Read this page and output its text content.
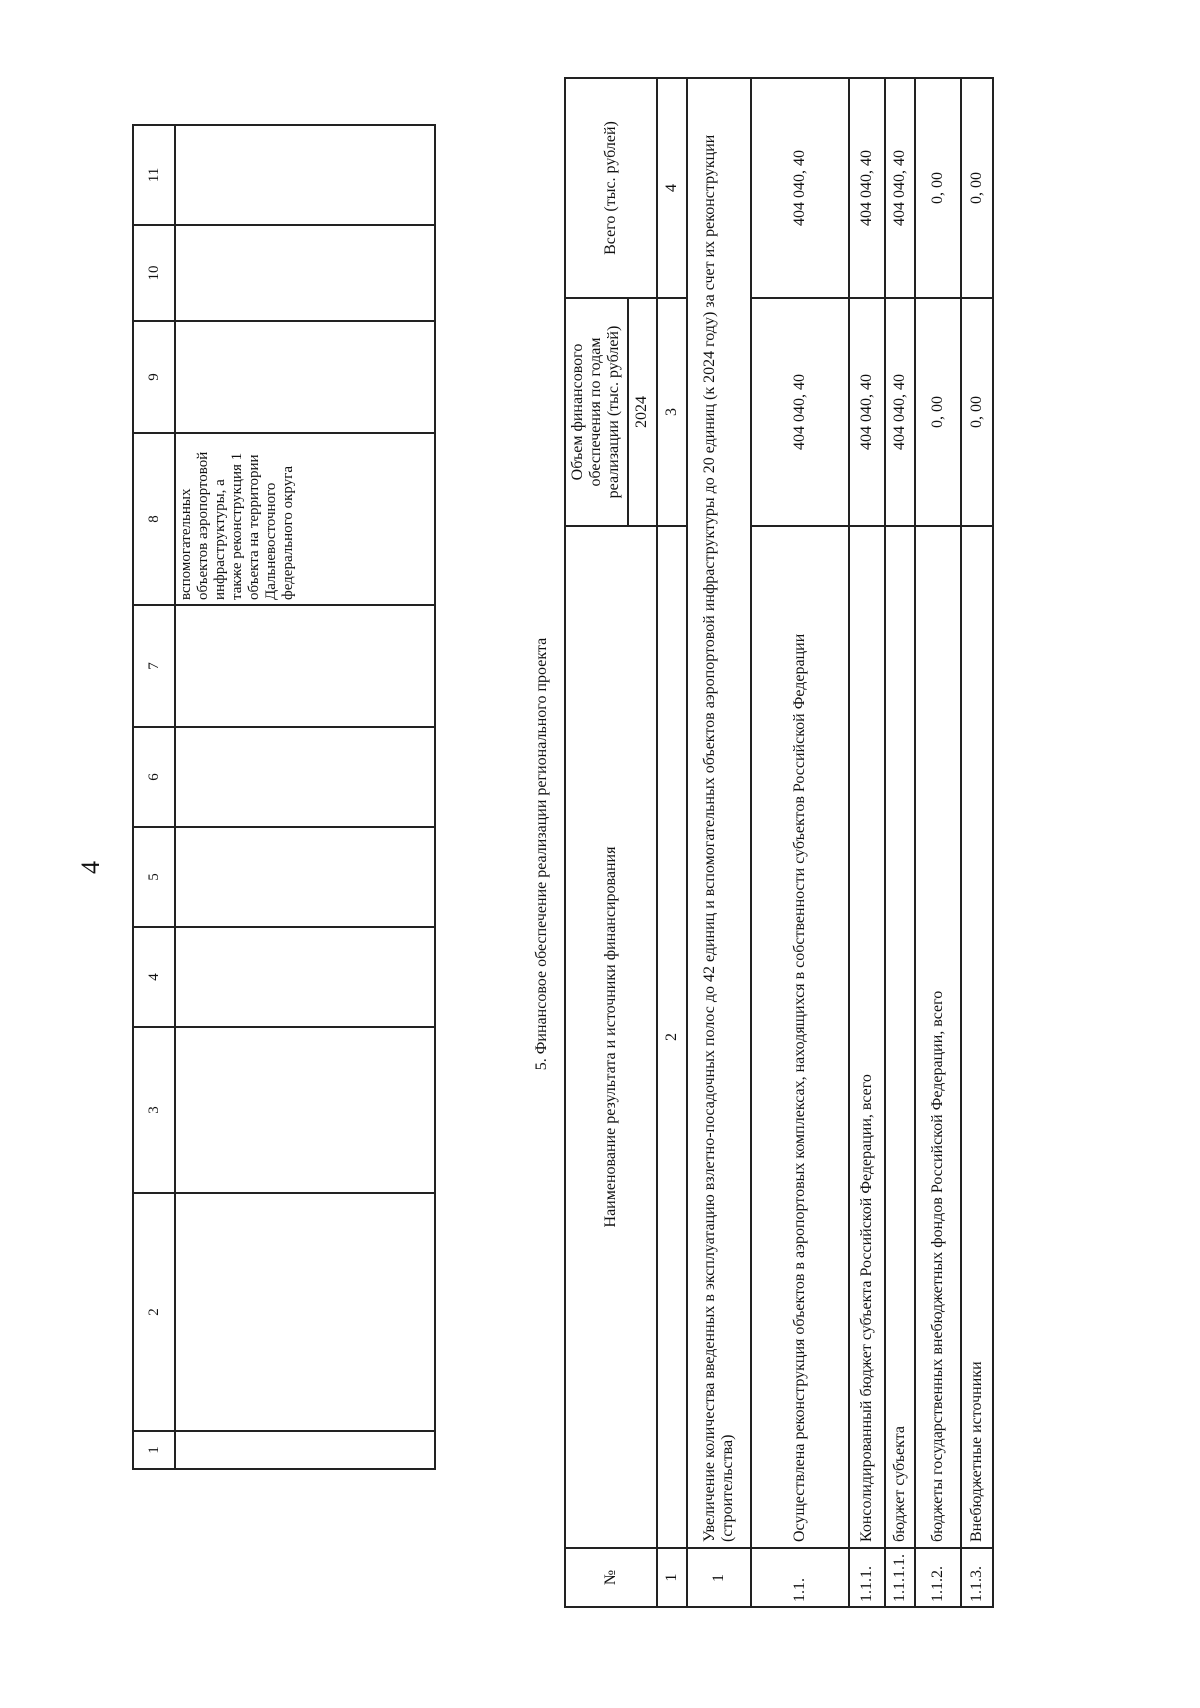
4
1	2	3	4	5	6	7	8	9	10	11
							вспомогательных объектов аэропортовой инфраструктуры, а также реконструкция 1 объекта на территории Дальневосточного федерального округа			
5. Финансовое обеспечение реализации регионального проекта
№	Наименование результата и источники финансирования	Объем финансового обеспечения по годам реализации (тыс. рублей)	Всего (тыс. рублей)
		2024	
1	2	3	4
1	Увеличение количества введенных в эксплуатацию взлетно-посадочных полос до 42 единиц и вспомогательных объектов аэропортовой инфраструктуры до 20 единиц (к 2024 году) за счет их реконструкции (строительства)		
1.1.	Осуществлена реконструкция объектов в аэропортовых комплексах, находящихся в собственности субъектов Российской Федерации	404 040, 40	404 040, 40
1.1.1.	Консолидированный бюджет субъекта Российской Федерации, всего	404 040, 40	404 040, 40
1.1.1.1.	бюджет субъекта	404 040, 40	404 040, 40
1.1.2.	бюджеты государственных внебюджетных фондов Российской Федерации, всего	0, 00	0, 00
1.1.3.	Внебюджетные источники	0, 00	0, 00
